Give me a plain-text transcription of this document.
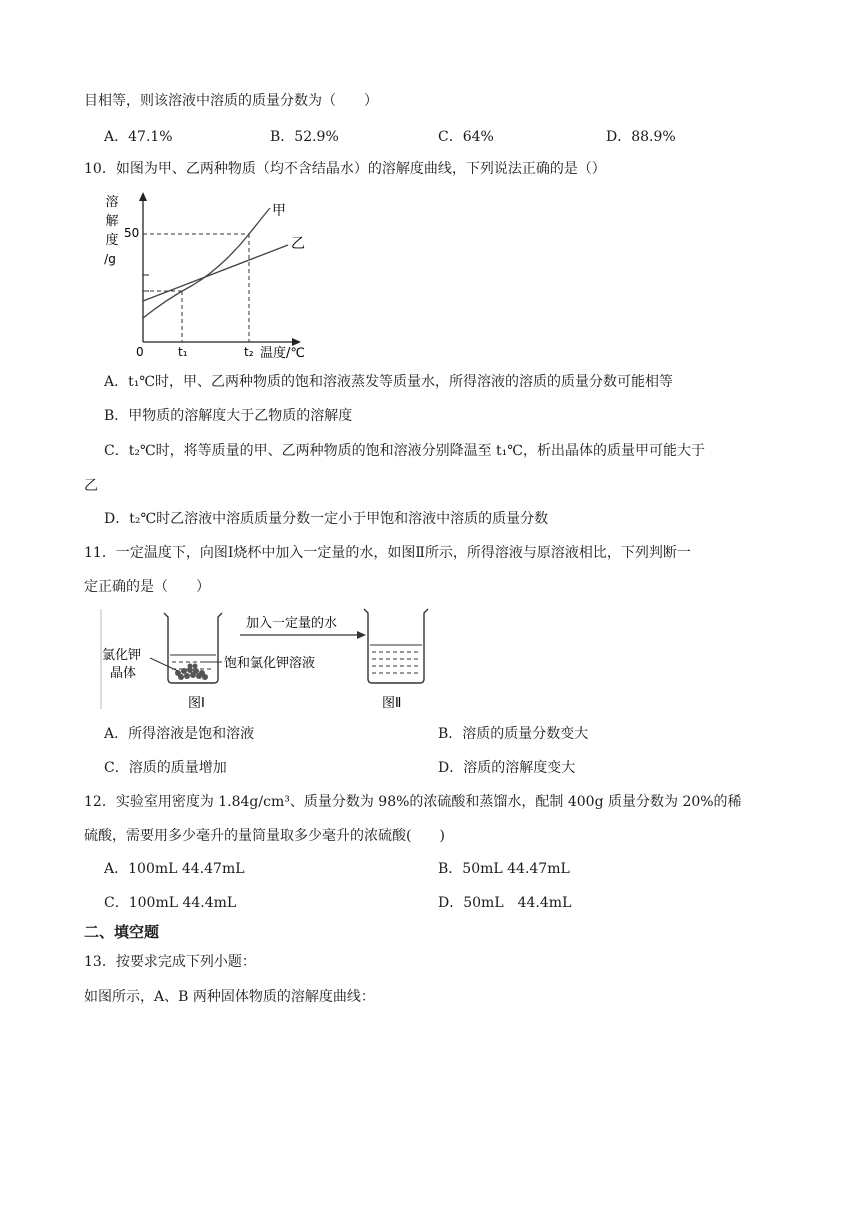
目相等，则该溶液中溶质的质量分数为（　　）
A．47.1%	B．52.9%	C．64%	D．88.9%
10．如图为甲、乙两种物质（均不含结晶水）的溶解度曲线，下列说法正确的是（）
溶
解
度
/g
50
0
甲
乙
t₁	t₂ 温度/℃
A．t₁℃时，甲、乙两种物质的饱和溶液蒸发等质量水，所得溶液的溶质的质量分数可能相等
B．甲物质的溶解度大于乙物质的溶解度
C．t₂℃时，将等质量的甲、乙两种物质的饱和溶液分别降温至 t₁℃，析出晶体的质量甲可能大于
乙
D．t₂℃时乙溶液中溶质质量分数一定小于甲饱和溶液中溶质的质量分数
11．一定温度下，向图Ⅰ烧杯中加入一定量的水，如图Ⅱ所示，所得溶液与原溶液相比，下列判断一
定正确的是（　　）
氯化钾
晶体
饱和氯化钾溶液
加入一定量的水
图Ⅰ	图Ⅱ
A．所得溶液是饱和溶液	B．溶质的质量分数变大
C．溶质的质量增加	D．溶质的溶解度变大
12．实验室用密度为 1.84g/cm³、质量分数为 98%的浓硫酸和蒸馏水，配制 400g 质量分数为 20%的稀
硫酸，需要用多少毫升的量筒量取多少毫升的浓硫酸(　　)
A．100mL 44.47mL	B．50mL 44.47mL
C．100mL 44.4mL	D．50mL　44.4mL
二、填空题
13．按要求完成下列小题：
如图所示，A、B 两种固体物质的溶解度曲线：
